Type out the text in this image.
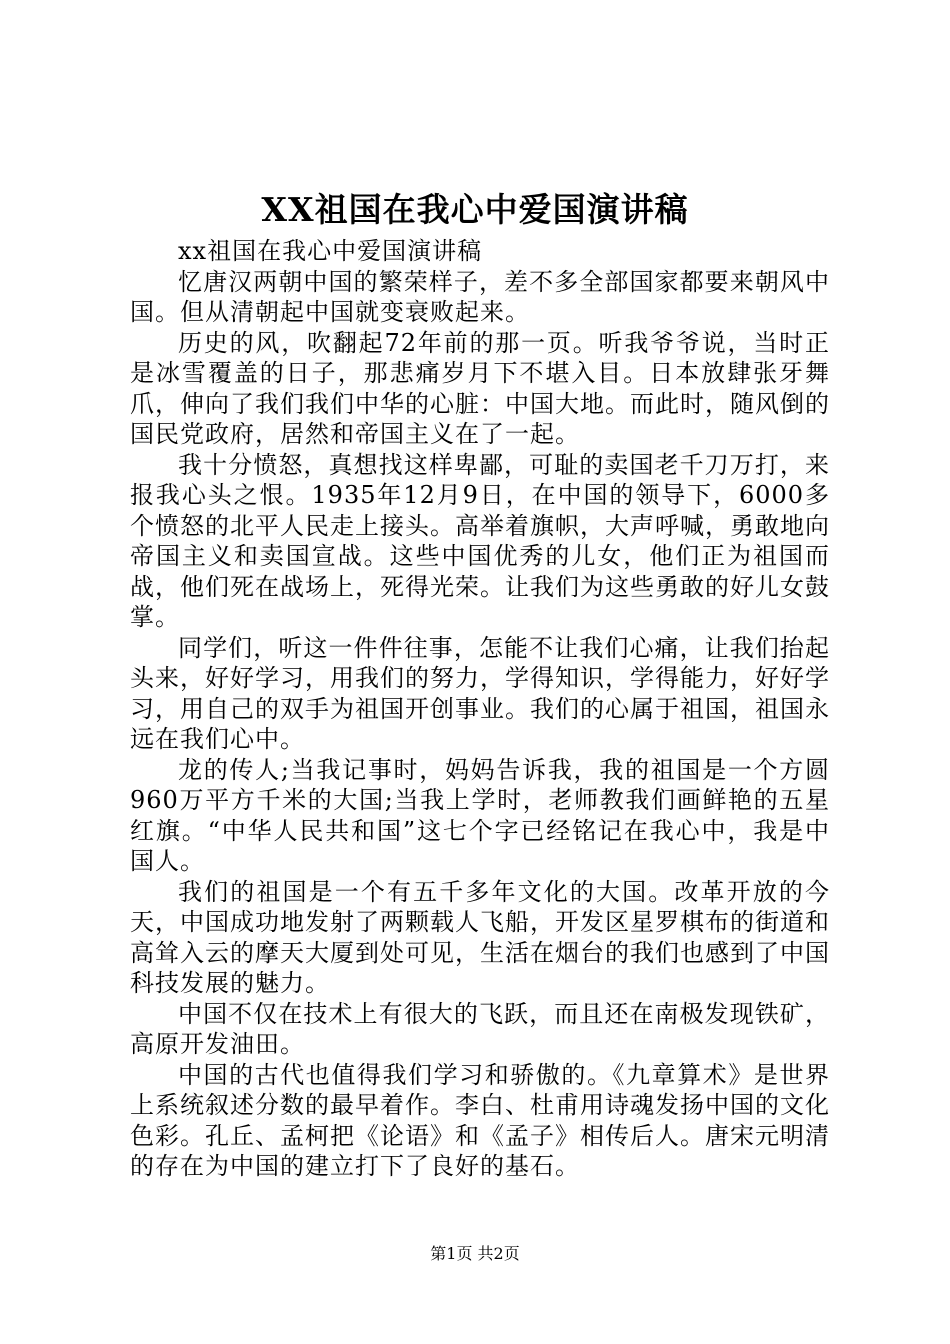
XX祖国在我心中爱国演讲稿

xx祖国在我心中爱国演讲稿

忆唐汉两朝中国的繁荣样子，差不多全部国家都要来朝风中国。但从清朝起中国就变衰败起来。

历史的风，吹翻起72年前的那一页。听我爷爷说，当时正是冰雪覆盖的日子，那悲痛岁月下不堪入目。日本放肆张牙舞爪，伸向了我们我们中华的心脏：中国大地。而此时，随风倒的国民党政府，居然和帝国主义在了一起。

我十分愤怒，真想找这样卑鄙，可耻的卖国老千刀万打，来报我心头之恨。1935年12月9日，在中国的领导下，6000多个愤怒的北平人民走上接头。高举着旗帜，大声呼喊，勇敢地向帝国主义和卖国宣战。这些中国优秀的儿女，他们正为祖国而战，他们死在战场上，死得光荣。让我们为这些勇敢的好儿女鼓掌。

同学们，听这一件件往事，怎能不让我们心痛，让我们抬起头来，好好学习，用我们的努力，学得知识，学得能力，好好学习，用自己的双手为祖国开创事业。我们的心属于祖国，祖国永远在我们心中。

龙的传人;当我记事时，妈妈告诉我，我的祖国是一个方圆960万平方千米的大国;当我上学时，老师教我们画鲜艳的五星红旗。“中华人民共和国”这七个字已经铭记在我心中，我是中国人。

我们的祖国是一个有五千多年文化的大国。改革开放的今天，中国成功地发射了两颗载人飞船，开发区星罗棋布的街道和高耸入云的摩天大厦到处可见，生活在烟台的我们也感到了中国科技发展的魅力。

中国不仅在技术上有很大的飞跃，而且还在南极发现铁矿，高原开发油田。

中国的古代也值得我们学习和骄傲的。《九章算术》是世界上系统叙述分数的最早着作。李白、杜甫用诗魂发扬中国的文化色彩。孔丘、孟柯把《论语》和《孟子》相传后人。唐宋元明清的存在为中国的建立打下了良好的基石。

第1页 共2页
